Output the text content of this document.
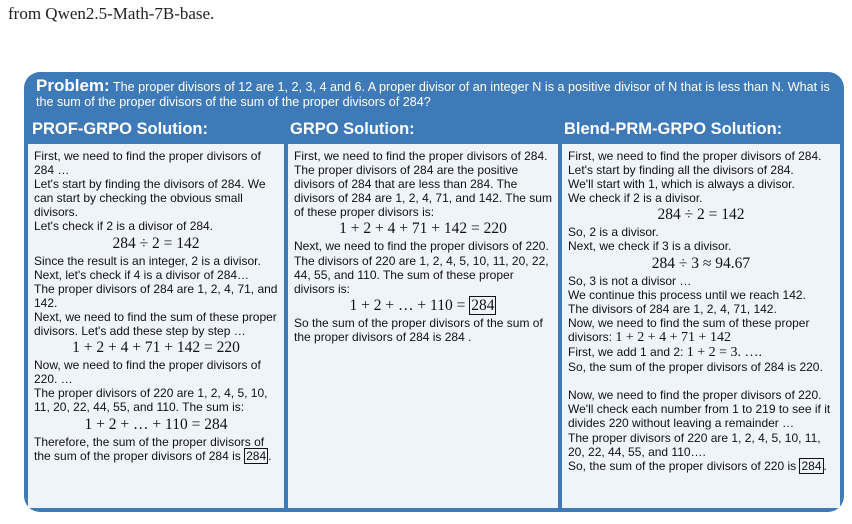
from Qwen2.5-Math-7B-base.
Problem: The proper divisors of 12 are 1, 2, 3, 4 and 6. A proper divisor of an integer N is a positive divisor of N that is less than N. What is the sum of the proper divisors of the sum of the proper divisors of 284?
PROF-GRPO Solution:	GRPO Solution:	Blend-PRM-GRPO Solution:
First, we need to find the proper divisors of 284 …
Let's start by finding the divisors of 284. We can start by checking the obvious small divisors.
Let's check if 2 is a divisor of 284.
284 ÷ 2 = 142
Since the result is an integer, 2 is a divisor.
Next, let's check if 4 is a divisor of 284…
The proper divisors of 284 are 1, 2, 4, 71, and 142.
Next, we need to find the sum of these proper divisors. Let's add these step by step …
1 + 2 + 4 + 71 + 142 = 220
Now, we need to find the proper divisors of 220. …
The proper divisors of 220 are 1, 2, 4, 5, 10, 11, 20, 22, 44, 55, and 110. The sum is:
1 + 2 + … + 110 = 284
Therefore, the sum of the proper divisors of the sum of the proper divisors of 284 is 284 .
First, we need to find the proper divisors of 284. The proper divisors of 284 are the positive divisors of 284 that are less than 284. The divisors of 284 are 1, 2, 4, 71, and 142. The sum of these proper divisors is:
1 + 2 + 4 + 71 + 142 = 220
Next, we need to find the proper divisors of 220. The divisors of 220 are 1, 2, 4, 5, 10, 11, 20, 22, 44, 55, and 110. The sum of these proper divisors is:
1 + 2 + … + 110 = 284
So the sum of the proper divisors of the sum of the proper divisors of 284 is 284 .
First, we need to find the proper divisors of 284.
Let's start by finding all the divisors of 284.
We'll start with 1, which is always a divisor.
We check if 2 is a divisor.
284 ÷ 2 = 142
So, 2 is a divisor.
Next, we check if 3 is a divisor.
284 ÷ 3 ≈ 94.67
So, 3 is not a divisor …
We continue this process until we reach 142.
The divisors of 284 are 1, 2, 4, 71, 142.
Now, we need to find the sum of these proper
divisors: 1 + 2 + 4 + 71 + 142
First, we add 1 and 2: 1 + 2 = 3. ….
So, the sum of the proper divisors of 284 is 220.
Now, we need to find the proper divisors of 220.
We'll check each number from 1 to 219 to see if it divides 220 without leaving a remainder …
The proper divisors of 220 are 1, 2, 4, 5, 10, 11, 20, 22, 44, 55, and 110….
So, the sum of the proper divisors of 220 is 284 .
